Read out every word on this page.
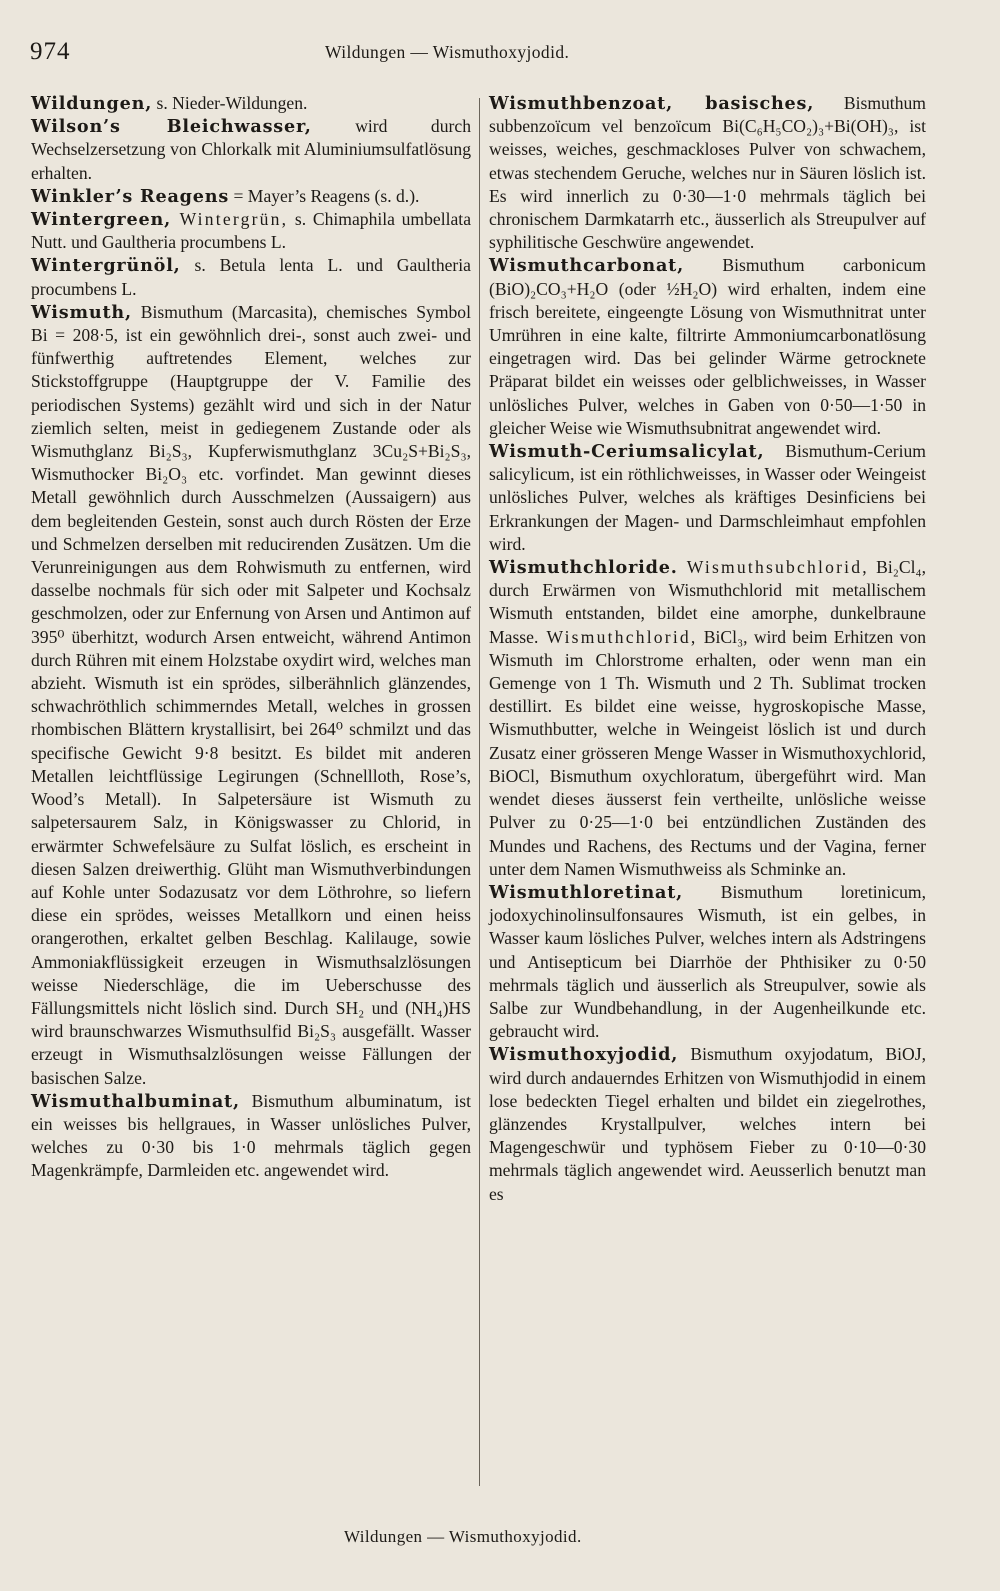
974	Wildungen — Wismuthoxyjodid.

Wildungen, s. Nieder-Wildungen.

Wilson’s Bleichwasser, wird durch Wechselzersetzung von Chlorkalk mit Aluminiumsulfatlösung erhalten.

Winkler’s Reagens = Mayer’s Reagens (s. d.).

Wintergreen, Wintergrün, s. Chimaphila umbellata Nutt. und Gaultheria procumbens L.

Wintergrünöl, s. Betula lenta L. und Gaultheria procumbens L.

Wismuth, Bismuthum (Marcasita), chemisches Symbol Bi = 208·5, ist ein gewöhnlich drei-, sonst auch zwei- und fünfwerthig auftretendes Element, welches zur Stickstoffgruppe (Hauptgruppe der V. Familie des periodischen Systems) gezählt wird und sich in der Natur ziemlich selten, meist in gediegenem Zustande oder als Wismuthglanz Bi₂S₃, Kupferwismuthglanz 3Cu₂S+Bi₂S₃, Wismuthocker Bi₂O₃ etc. vorfindet. Man gewinnt dieses Metall gewöhnlich durch Ausschmelzen (Aussaigern) aus dem begleitenden Gestein, sonst auch durch Rösten der Erze und Schmelzen derselben mit reducirenden Zusätzen. Um die Verunreinigungen aus dem Rohwismuth zu entfernen, wird dasselbe nochmals für sich oder mit Salpeter und Kochsalz geschmolzen, oder zur Enfernung von Arsen und Antimon auf 395⁰ überhitzt, wodurch Arsen entweicht, während Antimon durch Rühren mit einem Holzstabe oxydirt wird, welches man abzieht. Wismuth ist ein sprödes, silberähnlich glänzendes, schwachröthlich schimmerndes Metall, welches in grossen rhombischen Blättern krystallisirt, bei 264⁰ schmilzt und das specifische Gewicht 9·8 besitzt. Es bildet mit anderen Metallen leichtflüssige Legirungen (Schnellloth, Rose’s, Wood’s Metall). In Salpetersäure ist Wismuth zu salpetersaurem Salz, in Königswasser zu Chlorid, in erwärmter Schwefelsäure zu Sulfat löslich, es erscheint in diesen Salzen dreiwerthig. Glüht man Wismuthverbindungen auf Kohle unter Sodazusatz vor dem Löthrohre, so liefern diese ein sprödes, weisses Metallkorn und einen heiss orangerothen, erkaltet gelben Beschlag. Kalilauge, sowie Ammoniakflüssigkeit erzeugen in Wismuthsalzlösungen weisse Niederschläge, die im Ueberschusse des Fällungsmittels nicht löslich sind. Durch SH₂ und (NH₄)HS wird braunschwarzes Wismuthsulfid Bi₂S₃ ausgefällt. Wasser erzeugt in Wismuthsalzlösungen weisse Fällungen der basischen Salze.

Wismuthalbuminat, Bismuthum albuminatum, ist ein weisses bis hellgraues, in Wasser unlösliches Pulver, welches zu 0·30 bis 1·0 mehrmals täglich gegen Magenkrämpfe, Darmleiden etc. angewendet wird.

Wismuthbenzoat, basisches, Bismuthum subbenzoïcum vel benzoïcum Bi(C₆H₅CO₂)₃+Bi(OH)₃, ist weisses, weiches, geschmackloses Pulver von schwachem, etwas stechendem Geruche, welches nur in Säuren löslich ist. Es wird innerlich zu 0·30—1·0 mehrmals täglich bei chronischem Darmkatarrh etc., äusserlich als Streupulver auf syphilitische Geschwüre angewendet.

Wismuthcarbonat, Bismuthum carbonicum (BiO)₂CO₃+H₂O (oder ½H₂O) wird erhalten, indem eine frisch bereitete, eingeengte Lösung von Wismuthnitrat unter Umrühren in eine kalte, filtrirte Ammoniumcarbonatlösung eingetragen wird. Das bei gelinder Wärme getrocknete Präparat bildet ein weisses oder gelblichweisses, in Wasser unlösliches Pulver, welches in Gaben von 0·50—1·50 in gleicher Weise wie Wismuthsubnitrat angewendet wird.

Wismuth-Ceriumsalicylat, Bismuthum-Cerium salicylicum, ist ein röthlichweisses, in Wasser oder Weingeist unlösliches Pulver, welches als kräftiges Desinficiens bei Erkrankungen der Magen- und Darmschleimhaut empfohlen wird.

Wismuthchloride. Wismuthsubchlorid, Bi₂Cl₄, durch Erwärmen von Wismuthchlorid mit metallischem Wismuth entstanden, bildet eine amorphe, dunkelbraune Masse. Wismuthchlorid, BiCl₃, wird beim Erhitzen von Wismuth im Chlorstrome erhalten, oder wenn man ein Gemenge von 1 Th. Wismuth und 2 Th. Sublimat trocken destillirt. Es bildet eine weisse, hygroskopische Masse, Wismuthbutter, welche in Weingeist löslich ist und durch Zusatz einer grösseren Menge Wasser in Wismuthoxychlorid, BiOCl, Bismuthum oxychloratum, übergeführt wird. Man wendet dieses äusserst fein vertheilte, unlösliche weisse Pulver zu 0·25—1·0 bei entzündlichen Zuständen des Mundes und Rachens, des Rectums und der Vagina, ferner unter dem Namen Wismuthweiss als Schminke an.

Wismuthloretinat, Bismuthum loretinicum, jodoxychinolinsulfonsaures Wismuth, ist ein gelbes, in Wasser kaum lösliches Pulver, welches intern als Adstringens und Antisepticum bei Diarrhöe der Phthisiker zu 0·50 mehrmals täglich und äusserlich als Streupulver, sowie als Salbe zur Wundbehandlung, in der Augenheilkunde etc. gebraucht wird.

Wismuthoxyjodid, Bismuthum oxyjodatum, BiOJ, wird durch andauerndes Erhitzen von Wismuthjodid in einem lose bedeckten Tiegel erhalten und bildet ein ziegelrothes, glänzendes Krystallpulver, welches intern bei Magengeschwür und typhösem Fieber zu 0·10—0·30 mehrmals täglich angewendet wird. Aeusserlich benutzt man es

Wildungen — Wismuthoxyjodid.
